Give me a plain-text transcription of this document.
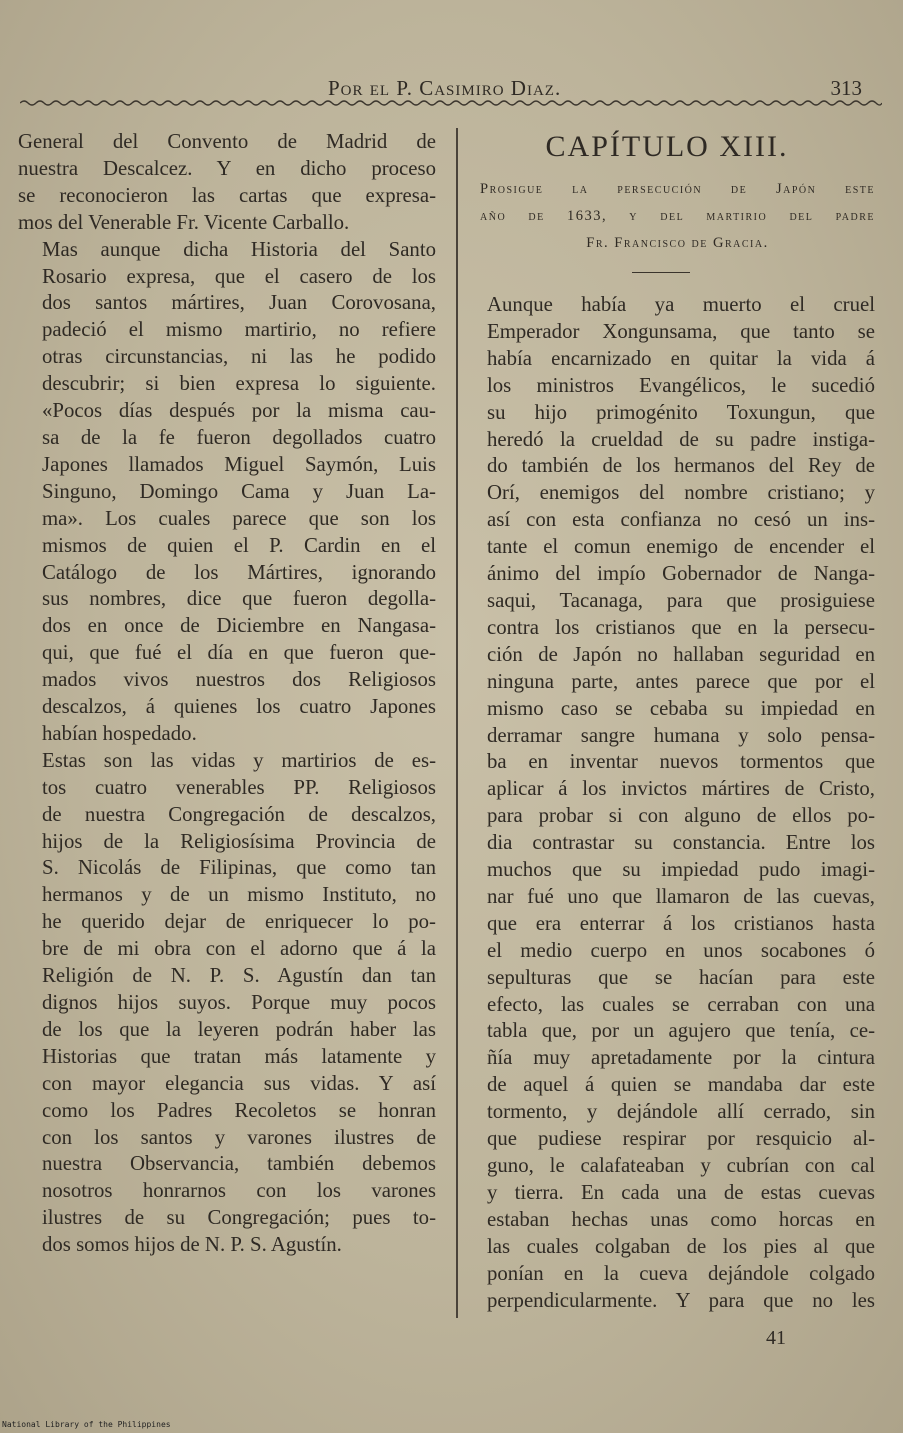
Por el P. Casimiro Diaz.	313

General del Convento de Madrid de
nuestra Descalcez. Y en dicho proceso
se reconocieron las cartas que expresa-
mos del Venerable Fr. Vicente Carballo.

Mas aunque dicha Historia del Santo
Rosario expresa, que el casero de los
dos santos mártires, Juan Corovosana,
padeció el mismo martirio, no refiere
otras circunstancias, ni las he podido
descubrir; si bien expresa lo siguiente.
«Pocos días después por la misma cau-
sa de la fe fueron degollados cuatro
Japones llamados Miguel Saymón, Luis
Singuno, Domingo Cama y Juan La-
ma». Los cuales parece que son los
mismos de quien el P. Cardin en el
Catálogo de los Mártires, ignorando
sus nombres, dice que fueron degolla-
dos en once de Diciembre en Nangasa-
qui, que fué el día en que fueron que-
mados vivos nuestros dos Religiosos
descalzos, á quienes los cuatro Japones
habían hospedado.

Estas son las vidas y martirios de es-
tos cuatro venerables PP. Religiosos
de nuestra Congregación de descalzos,
hijos de la Religiosísima Provincia de
S. Nicolás de Filipinas, que como tan
hermanos y de un mismo Instituto, no
he querido dejar de enriquecer lo po-
bre de mi obra con el adorno que á la
Religión de N. P. S. Agustín dan tan
dignos hijos suyos. Porque muy pocos
de los que la leyeren podrán haber las
Historias que tratan más latamente y
con mayor elegancia sus vidas. Y así
como los Padres Recoletos se honran
con los santos y varones ilustres de
nuestra Observancia, también debemos
nosotros honrarnos con los varones
ilustres de su Congregación; pues to-
dos somos hijos de N. P. S. Agustín.

CAPÍTULO XIII.
Prosigue la persecución de Japón este
año de 1633, y del martirio del padre
Fr. Francisco de Gracia.

Aunque había ya muerto el cruel
Emperador Xongunsama, que tanto se
había encarnizado en quitar la vida á
los ministros Evangélicos, le sucedió
su hijo primogénito Toxungun, que
heredó la crueldad de su padre instiga-
do también de los hermanos del Rey de
Orí, enemigos del nombre cristiano; y
así con esta confianza no cesó un ins-
tante el comun enemigo de encender el
ánimo del impío Gobernador de Nanga-
saqui, Tacanaga, para que prosiguiese
contra los cristianos que en la persecu-
ción de Japón no hallaban seguridad en
ninguna parte, antes parece que por el
mismo caso se cebaba su impiedad en
derramar sangre humana y solo pensa-
ba en inventar nuevos tormentos que
aplicar á los invictos mártires de Cristo,
para probar si con alguno de ellos po-
dia contrastar su constancia. Entre los
muchos que su impiedad pudo imagi-
nar fué uno que llamaron de las cuevas,
que era enterrar á los cristianos hasta
el medio cuerpo en unos socabones ó
sepulturas que se hacían para este
efecto, las cuales se cerraban con una
tabla que, por un agujero que tenía, ce-
ñía muy apretadamente por la cintura
de aquel á quien se mandaba dar este
tormento, y dejándole allí cerrado, sin
que pudiese respirar por resquicio al-
guno, le calafateaban y cubrían con cal
y tierra. En cada una de estas cuevas
estaban hechas unas como horcas en
las cuales colgaban de los pies al que
ponían en la cueva dejándole colgado
perpendicularmente. Y para que no les

41
National Library of the Philippines
